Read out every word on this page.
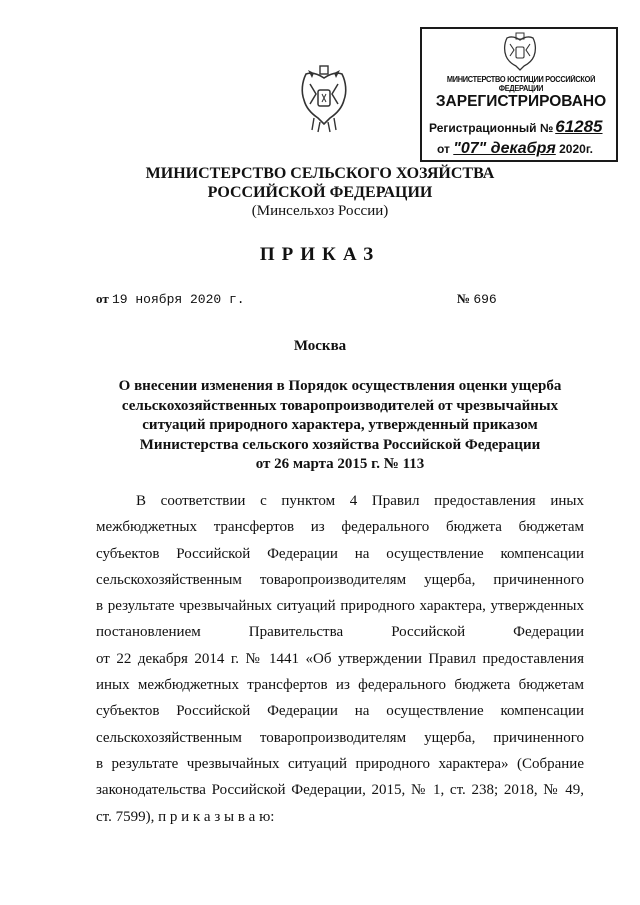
МИНИСТЕРСТВО ЮСТИЦИИ РОССИЙСКОЙ ФЕДЕРАЦИИ
ЗАРЕГИСТРИРОВАНО
Регистрационный № 61285
от "07" декабря 2020г.
МИНИСТЕРСТВО СЕЛЬСКОГО ХОЗЯЙСТВА
РОССИЙСКОЙ ФЕДЕРАЦИИ
(Минсельхоз России)
ПРИКАЗ
от 19 ноября 2020 г.	№ 696
Москва
О внесении изменения в Порядок осуществления оценки ущерба
сельскохозяйственных товаропроизводителей от чрезвычайных
ситуаций природного характера, утвержденный приказом
Министерства сельского хозяйства Российской Федерации
от 26 марта 2015 г. № 113
В соответствии с пунктом 4 Правил предоставления иных
межбюджетных трансфертов из федерального бюджета бюджетам
субъектов Российской Федерации на осуществление компенсации
сельскохозяйственным товаропроизводителям ущерба, причиненного
в результате чрезвычайных ситуаций природного характера, утвержденных
постановлением Правительства Российской Федерации
от 22 декабря 2014 г. № 1441 «Об утверждении Правил предоставления
иных межбюджетных трансфертов из федерального бюджета бюджетам
субъектов Российской Федерации на осуществление компенсации
сельскохозяйственным товаропроизводителям ущерба, причиненного
в результате чрезвычайных ситуаций природного характера» (Собрание
законодательства Российской Федерации, 2015, № 1, ст. 238; 2018, № 49,
ст. 7599), п р и к а з ы в а ю:
